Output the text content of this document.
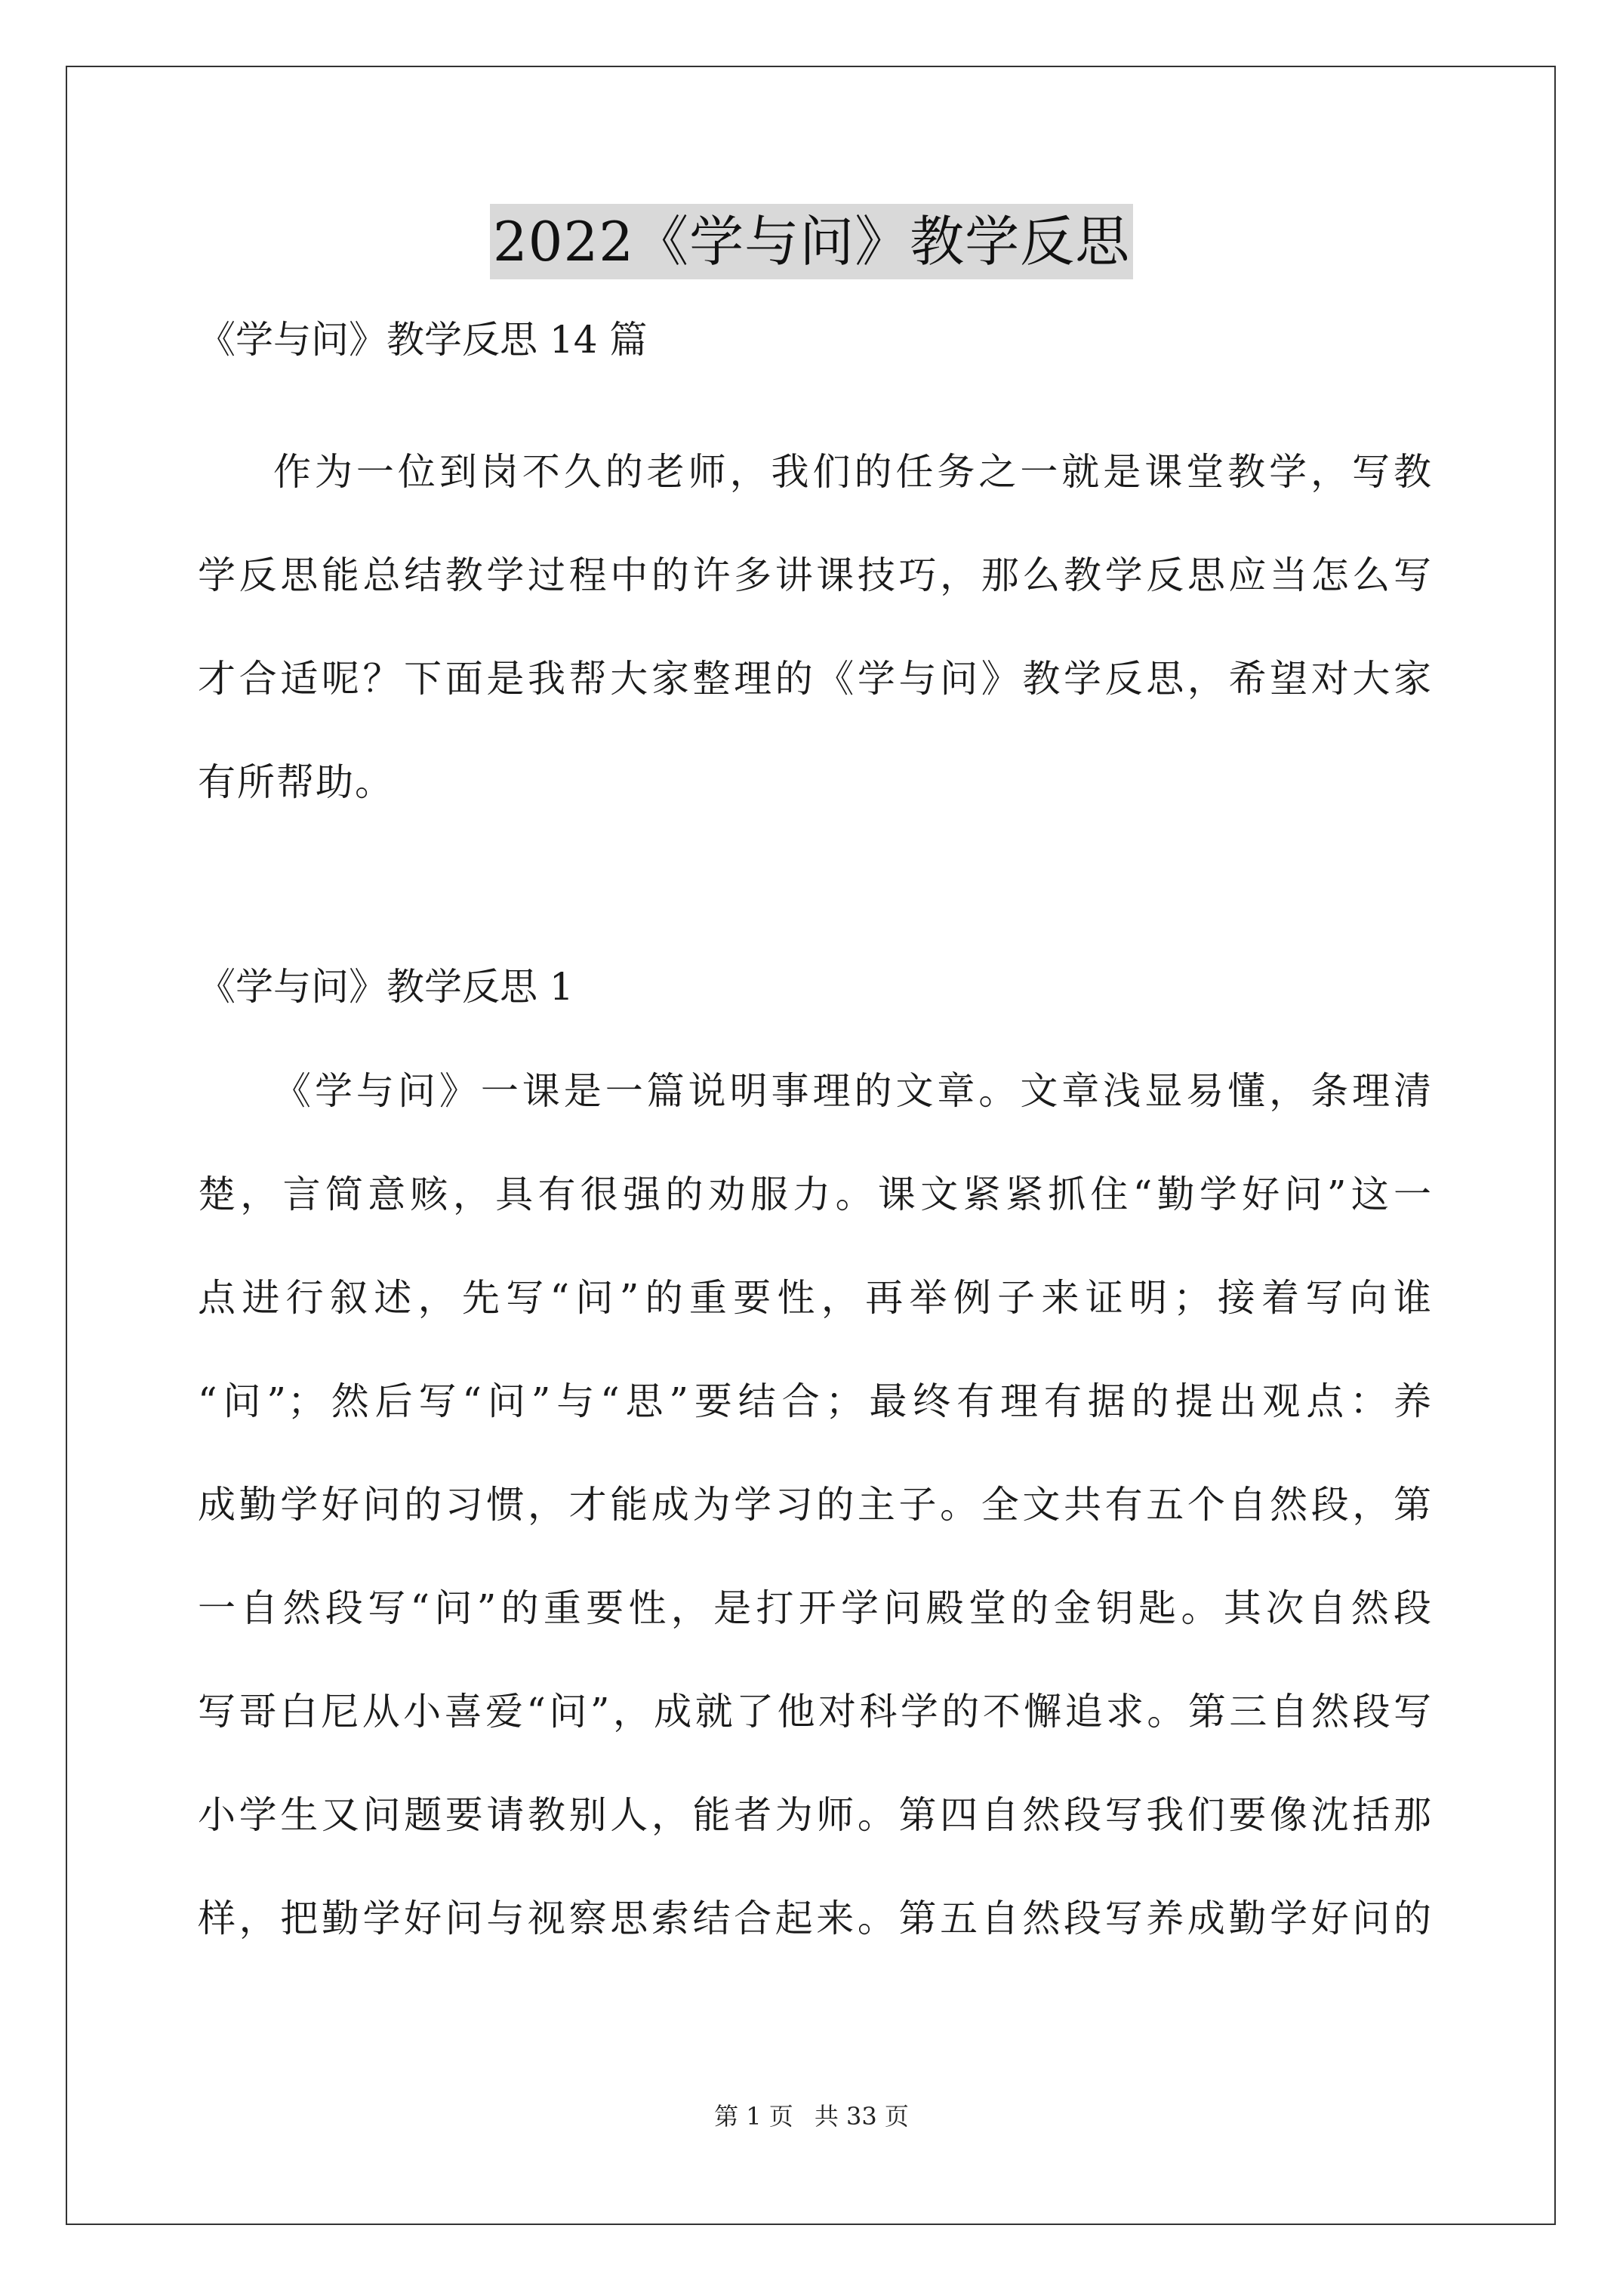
2022《学与问》教学反思
《学与问》教学反思 14 篇
作为一位到岗不久的老师，我们的任务之一就是课堂教学，写教
学反思能总结教学过程中的许多讲课技巧，那么教学反思应当怎么写
才合适呢？下面是我帮大家整理的《学与问》教学反思，希望对大家
有所帮助。
《学与问》教学反思 1
《学与问》一课是一篇说明事理的文章。文章浅显易懂，条理清
楚，言简意赅，具有很强的劝服力。课文紧紧抓住“勤学好问”这一
点进行叙述，先写“问”的重要性，再举例子来证明；接着写向谁
“问”；然后写“问”与“思”要结合；最终有理有据的提出观点：养
成勤学好问的习惯，才能成为学习的主子。全文共有五个自然段，第
一自然段写“问”的重要性，是打开学问殿堂的金钥匙。其次自然段
写哥白尼从小喜爱“问”，成就了他对科学的不懈追求。第三自然段写
小学生又问题要请教别人，能者为师。第四自然段写我们要像沈括那
样，把勤学好问与视察思索结合起来。第五自然段写养成勤学好问的
第 1 页 共 33 页
